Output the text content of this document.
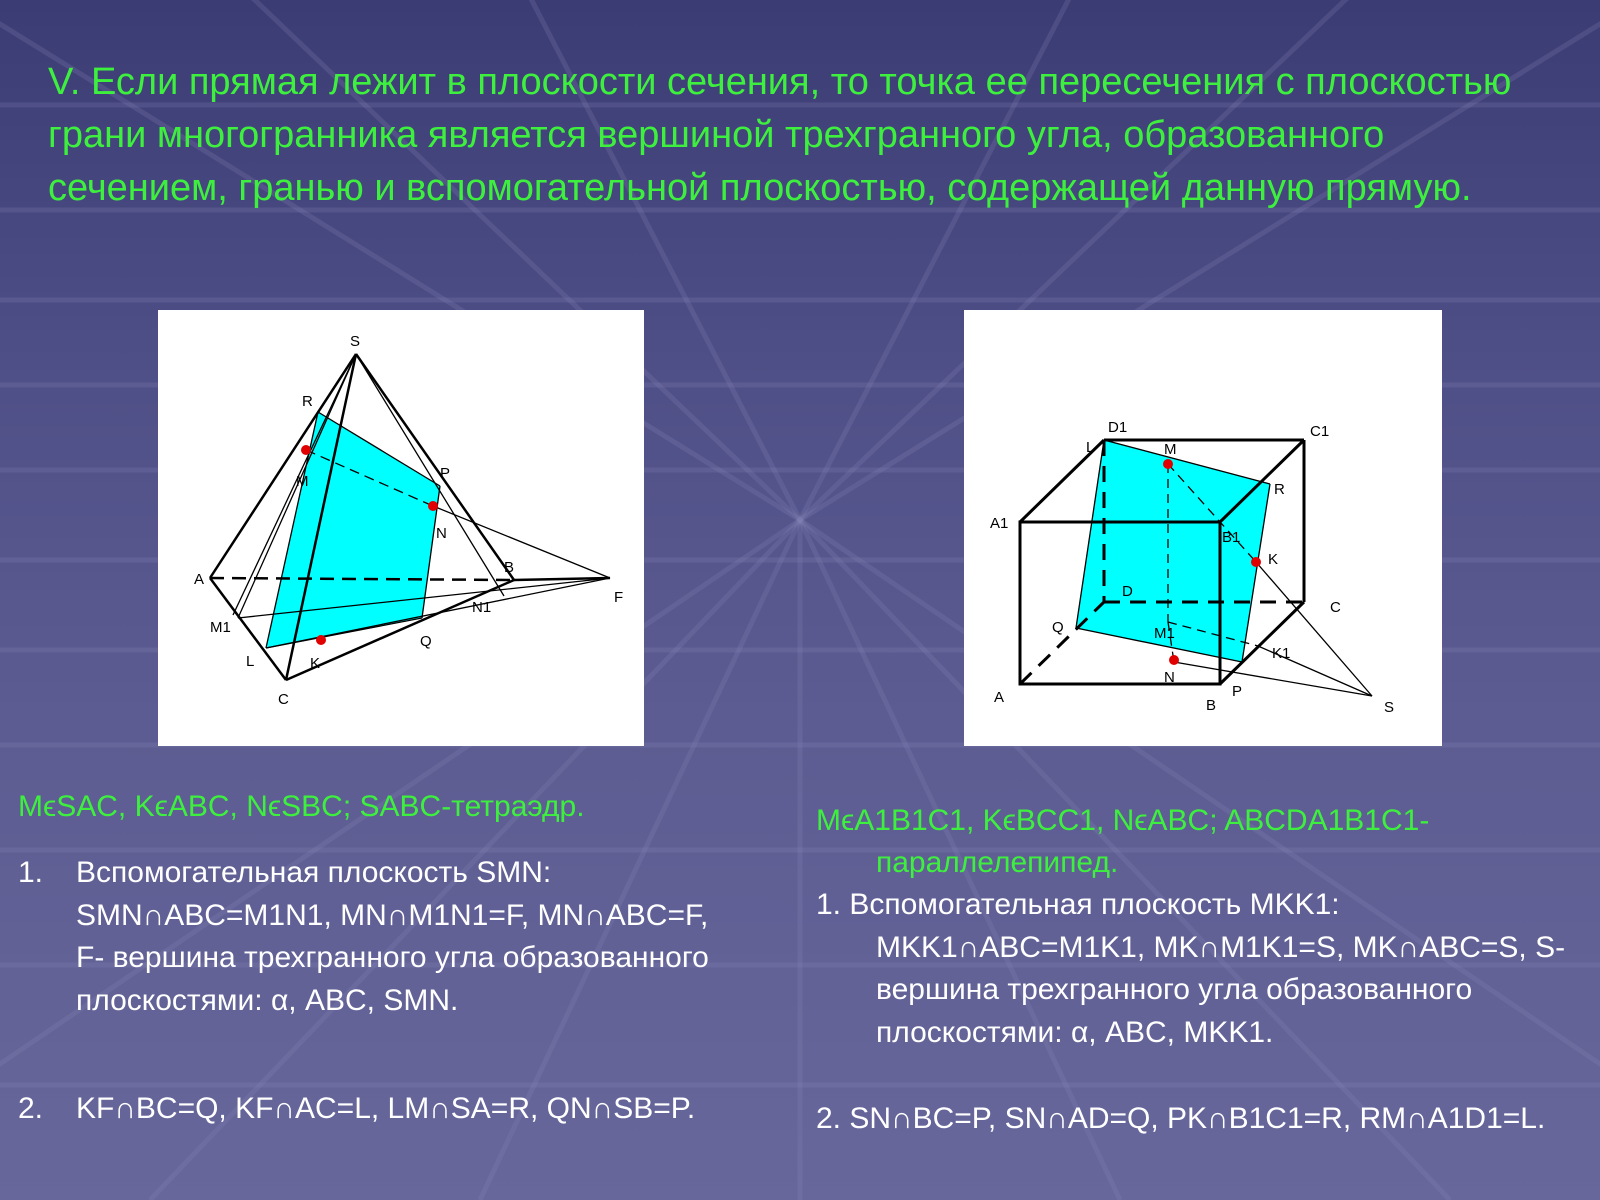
V. Если прямая лежит в плоскости сечения, то точка ее пересечения с плоскостью грани многогранника является вершиной трехгранного угла, образованного сечением, гранью и вспомогательной плоскостью, содержащей данную прямую.
S
R
M	P
N
A
B
F
M1
N1
L	K
Q
C
D1
L	M
C1
R
A1
B1
K
D
C
Q	M1
K1
N
A	B
P
S
MϵSAC, KϵABC, NϵSBC; SABC-тетраэдр.
1. Вспомогательная плоскость SMN: SMN∩ABC=M1N1, MN∩M1N1=F, MN∩ABC=F, F- вершина трехгранного угла образованного плоскостями: α, ABC, SMN.
2. KF∩BC=Q, KF∩AC=L, LM∩SA=R, QN∩SB=P.
MϵA1B1C1, KϵBCC1, NϵABC; ABCDA1B1C1-параллелепипед.
1. Вспомогательная плоскость MKK1: MKK1∩ABC=M1K1, MK∩M1K1=S, MK∩ABC=S, S- вершина трехгранного угла образованного плоскостями: α, ABC, MKK1.
2. SN∩BC=P, SN∩AD=Q, PK∩B1C1=R, RM∩A1D1=L.
